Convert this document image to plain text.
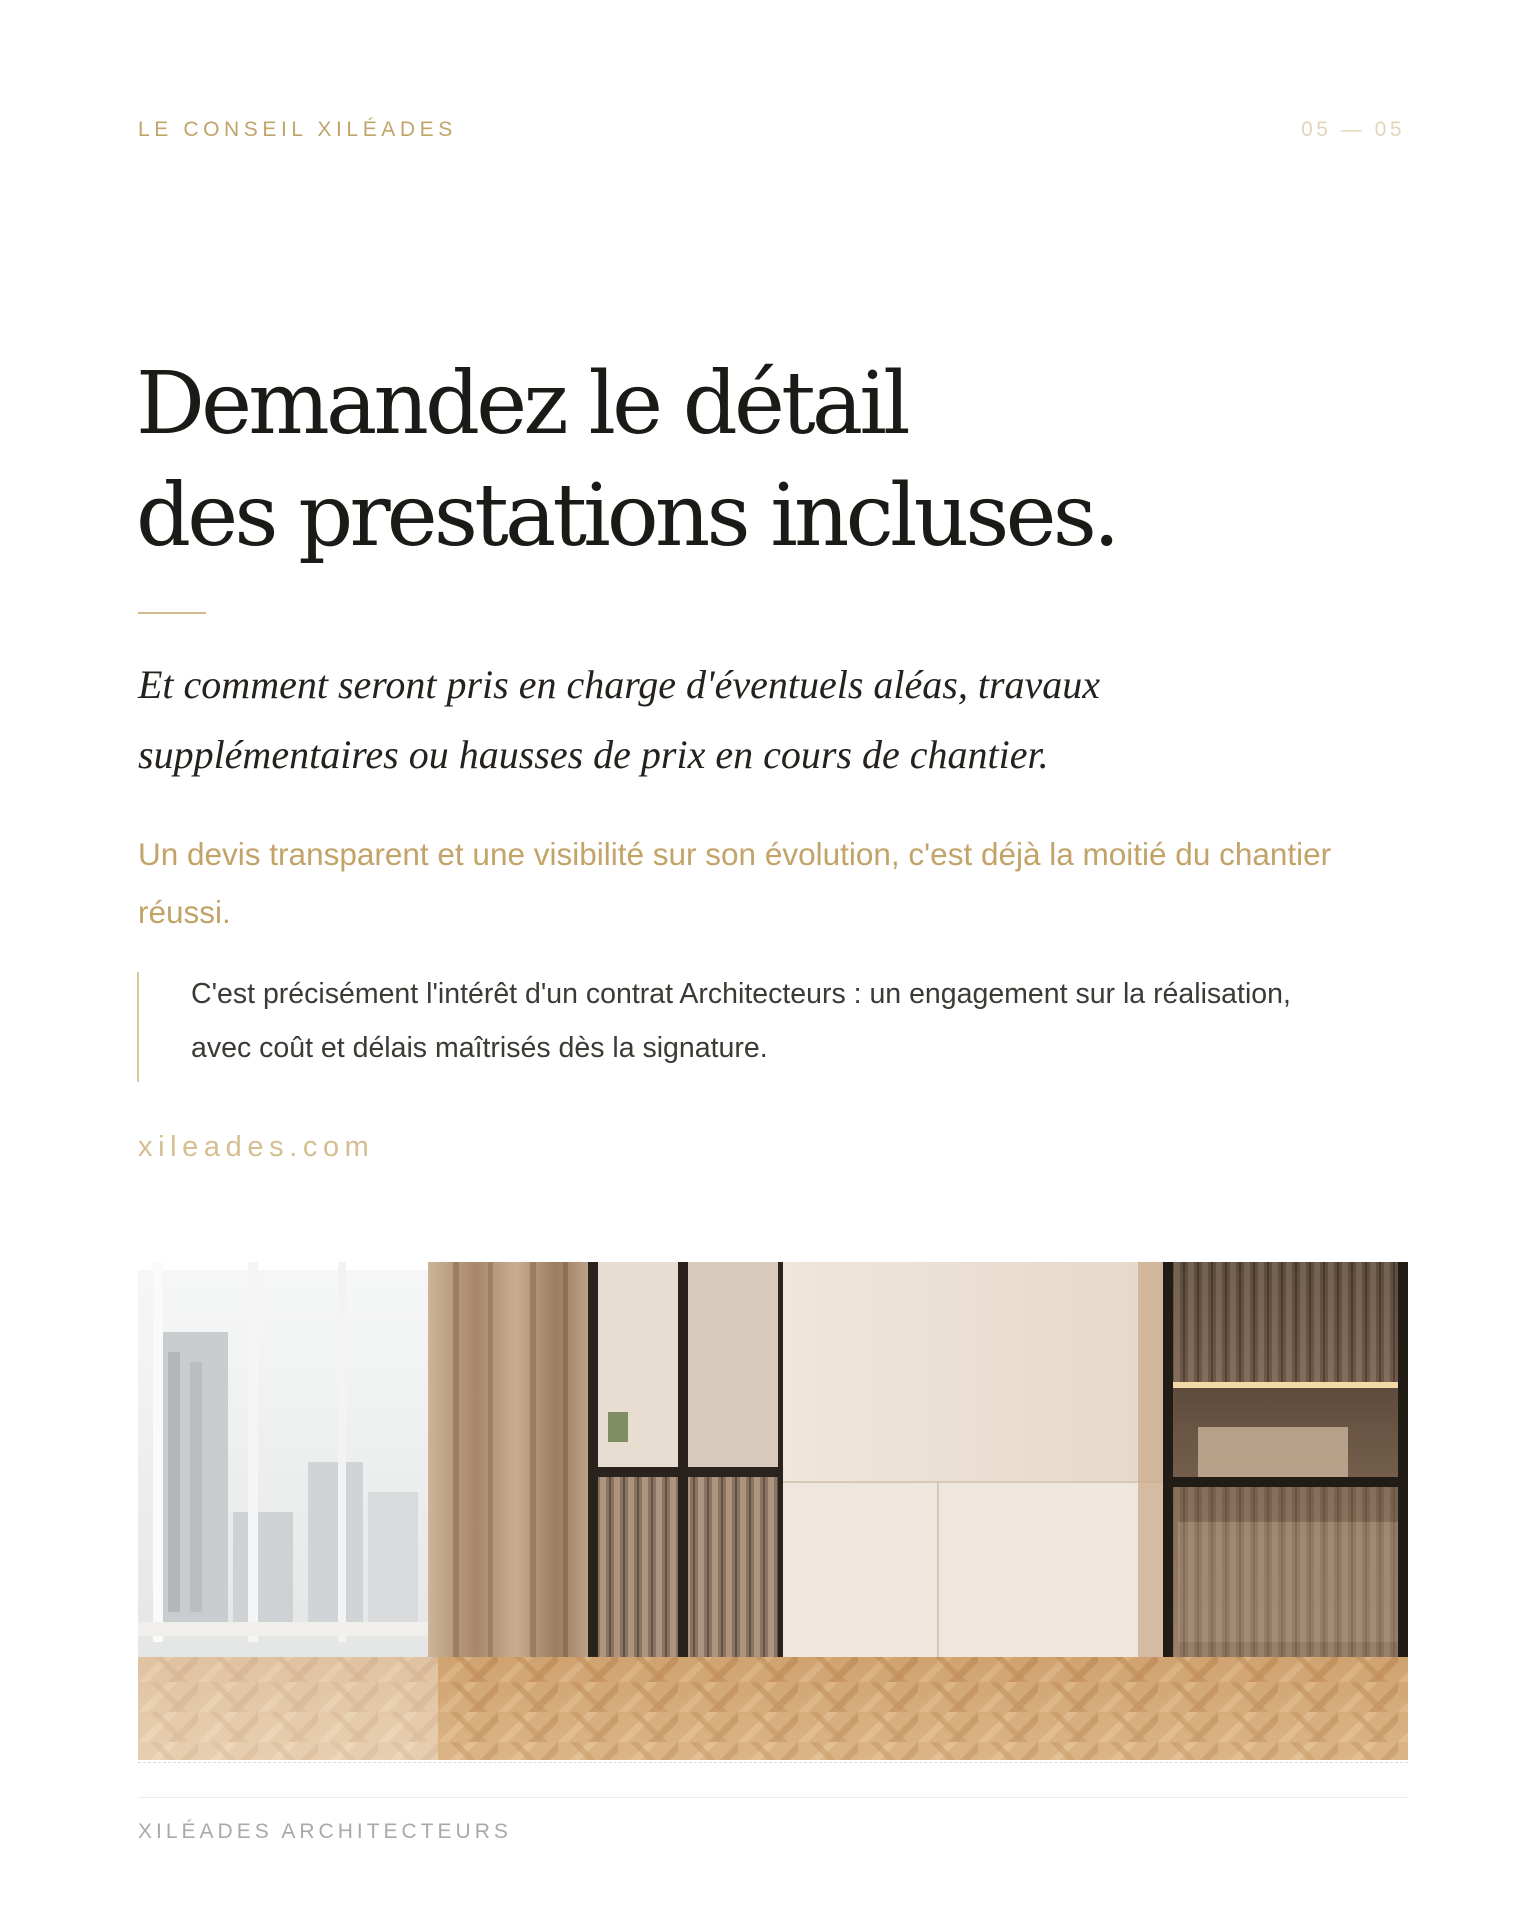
LE CONSEIL XILÉADES	05 — 05
Demandez le détail
des prestations incluses.

Et comment seront pris en charge d'éventuels aléas, travaux supplémentaires ou hausses de prix en cours de chantier.

Un devis transparent et une visibilité sur son évolution, c'est déjà la moitié du chantier réussi.

C'est précisément l'intérêt d'un contrat Architecteurs : un engagement sur la réalisation, avec coût et délais maîtrisés dès la signature.

xileades.com
XILÉADES ARCHITECTEURS
